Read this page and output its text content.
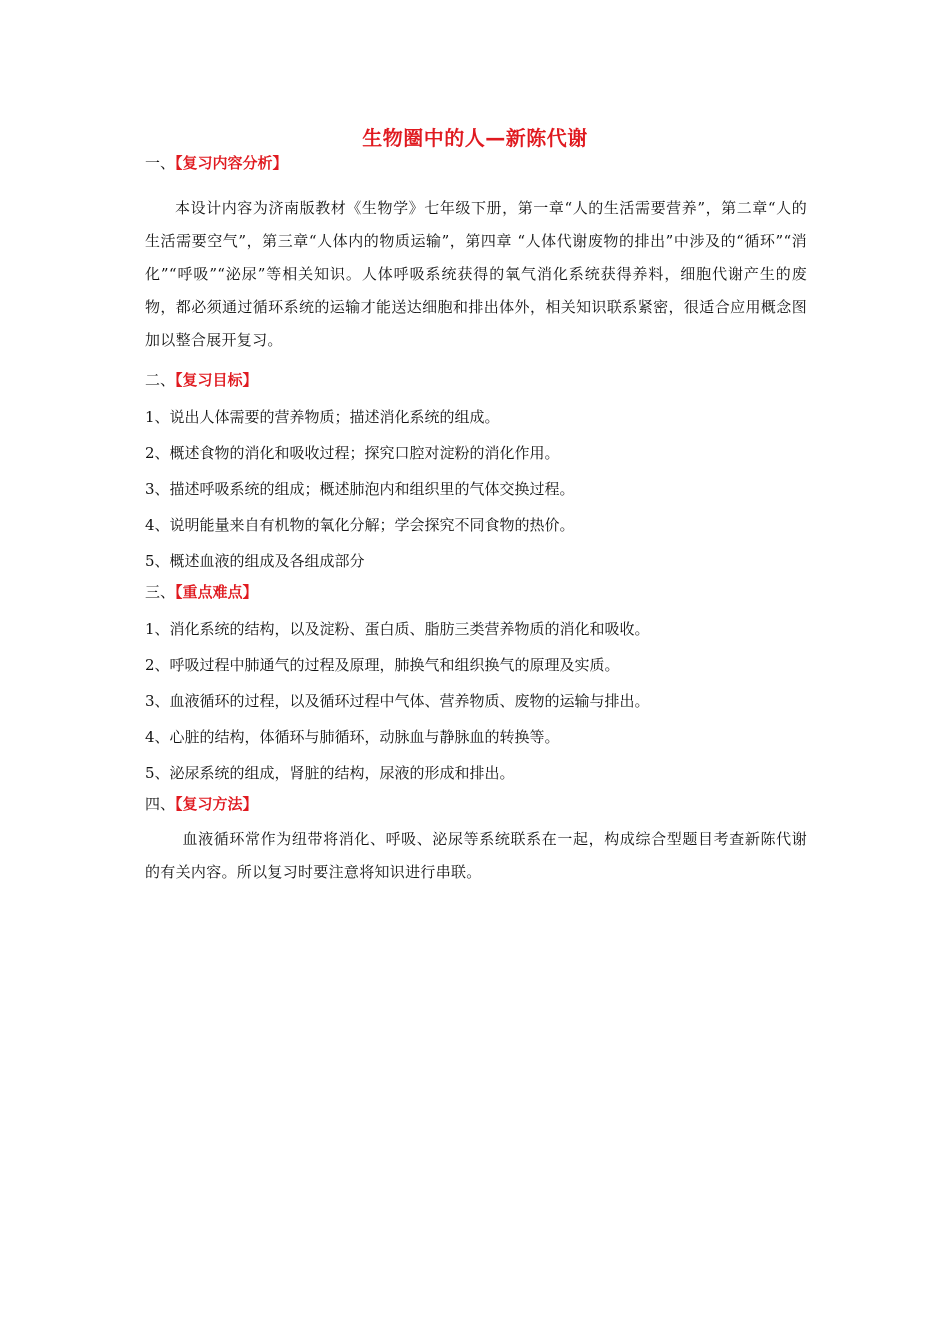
生物圈中的人—新陈代谢
一、【复习内容分析】

本设计内容为济南版教材《生物学》七年级下册，第一章“人的生活需要营养”，第二章“人的生活需要空气”，第三章“人体内的物质运输”，第四章 “人体代谢废物的排出”中涉及的“循环”“消化”“呼吸”“泌尿”等相关知识。人体呼吸系统获得的氧气消化系统获得养料，细胞代谢产生的废物，都必须通过循环系统的运输才能送达细胞和排出体外，相关知识联系紧密，很适合应用概念图加以整合展开复习。

二、【复习目标】

1、说出人体需要的营养物质；描述消化系统的组成。

2、概述食物的消化和吸收过程；探究口腔对淀粉的消化作用。

3、描述呼吸系统的组成；概述肺泡内和组织里的气体交换过程。

4、说明能量来自有机物的氧化分解；学会探究不同食物的热价。

5、概述血液的组成及各组成部分

三、【重点难点】

1、消化系统的结构，以及淀粉、蛋白质、脂肪三类营养物质的消化和吸收。

2、呼吸过程中肺通气的过程及原理，肺换气和组织换气的原理及实质。

3、血液循环的过程，以及循环过程中气体、营养物质、废物的运输与排出。

4、心脏的结构，体循环与肺循环，动脉血与静脉血的转换等。

5、泌尿系统的组成，肾脏的结构，尿液的形成和排出。

四、【复习方法】

血液循环常作为纽带将消化、呼吸、泌尿等系统联系在一起，构成综合型题目考查新陈代谢的有关内容。所以复习时要注意将知识进行串联。
